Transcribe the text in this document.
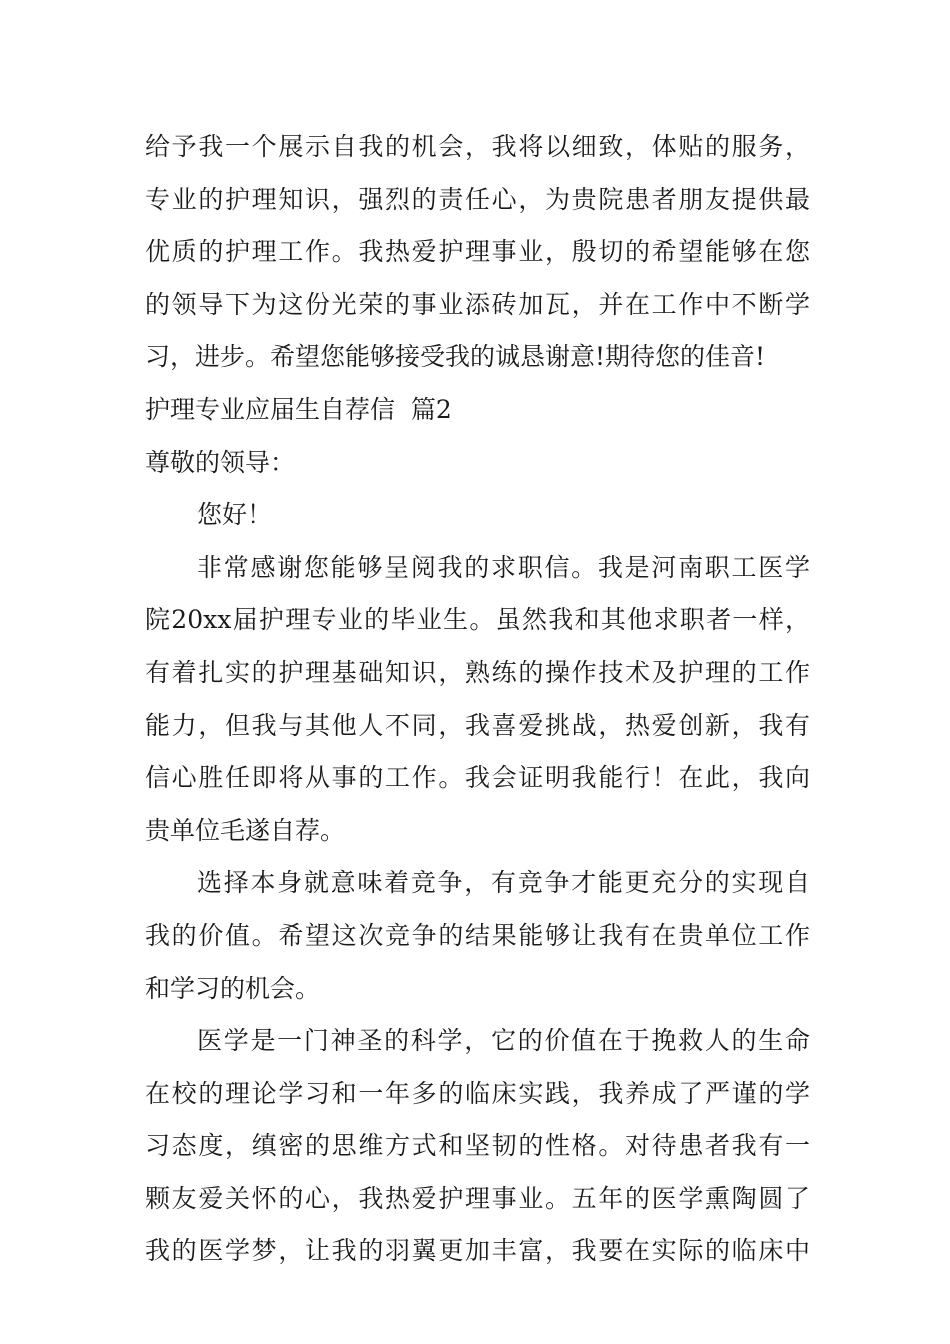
给予我一个展示自我的机会，我将以细致，体贴的服务，
专业的护理知识，强烈的责任心，为贵院患者朋友提供最
优质的护理工作。我热爱护理事业，殷切的希望能够在您
的领导下为这份光荣的事业添砖加瓦，并在工作中不断学
习，进步。希望您能够接受我的诚恳谢意!期待您的佳音!
护理专业应届生自荐信  篇2
尊敬的领导：
您好！
非常感谢您能够呈阅我的求职信。我是河南职工医学
院20xx届护理专业的毕业生。虽然我和其他求职者一样，
有着扎实的护理基础知识，熟练的操作技术及护理的工作
能力，但我与其他人不同，我喜爱挑战，热爱创新，我有
信心胜任即将从事的工作。我会证明我能行！在此，我向
贵单位毛遂自荐。
选择本身就意味着竞争，有竞争才能更充分的实现自
我的价值。希望这次竞争的结果能够让我有在贵单位工作
和学习的机会。
医学是一门神圣的科学，它的价值在于挽救人的生命
在校的理论学习和一年多的临床实践，我养成了严谨的学
习态度，缜密的思维方式和坚韧的性格。对待患者我有一
颗友爱关怀的心，我热爱护理事业。五年的医学熏陶圆了
我的医学梦，让我的羽翼更加丰富，我要在实际的临床中
